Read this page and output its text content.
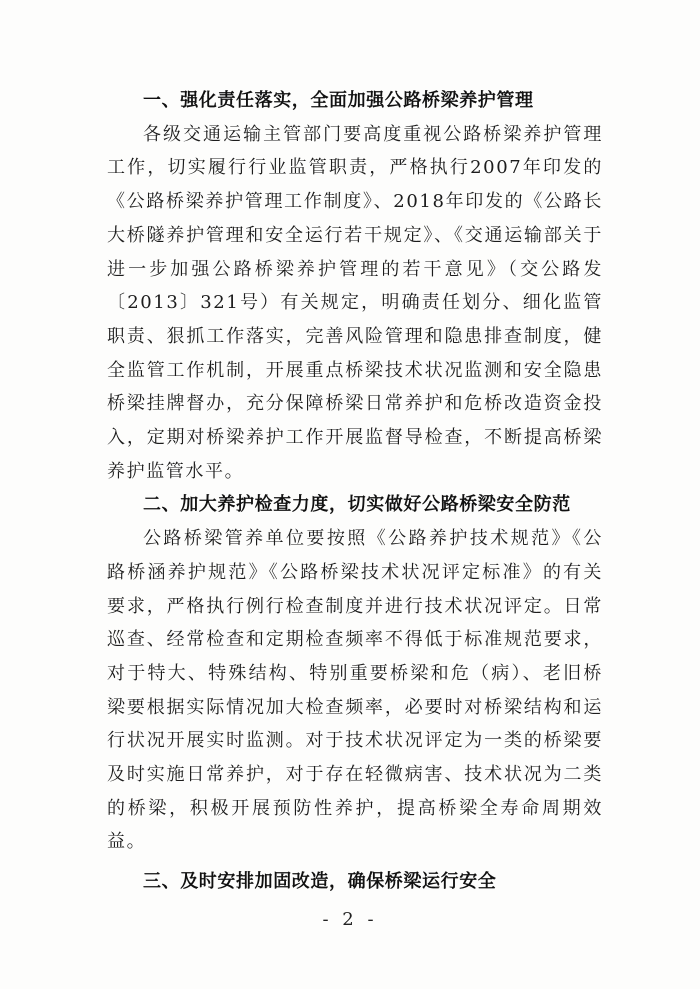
一、强化责任落实，全面加强公路桥梁养护管理
各级交通运输主管部门要高度重视公路桥梁养护管理工作，切实履行行业监管职责，严格执行2007年印发的《公路桥梁养护管理工作制度》、2018年印发的《公路长大桥隧养护管理和安全运行若干规定》、《交通运输部关于进一步加强公路桥梁养护管理的若干意见》（交公路发〔2013〕321号）有关规定，明确责任划分、细化监管职责、狠抓工作落实，完善风险管理和隐患排查制度，健全监管工作机制，开展重点桥梁技术状况监测和安全隐患桥梁挂牌督办，充分保障桥梁日常养护和危桥改造资金投入，定期对桥梁养护工作开展监督导检查，不断提高桥梁养护监管水平。
二、加大养护检查力度，切实做好公路桥梁安全防范
公路桥梁管养单位要按照《公路养护技术规范》《公路桥涵养护规范》《公路桥梁技术状况评定标准》的有关要求，严格执行例行检查制度并进行技术状况评定。日常巡查、经常检查和定期检查频率不得低于标准规范要求，对于特大、特殊结构、特别重要桥梁和危（病）、老旧桥梁要根据实际情况加大检查频率，必要时对桥梁结构和运行状况开展实时监测。对于技术状况评定为一类的桥梁要及时实施日常养护，对于存在轻微病害、技术状况为二类的桥梁，积极开展预防性养护，提高桥梁全寿命周期效益。
三、及时安排加固改造，确保桥梁运行安全
- 2 -
